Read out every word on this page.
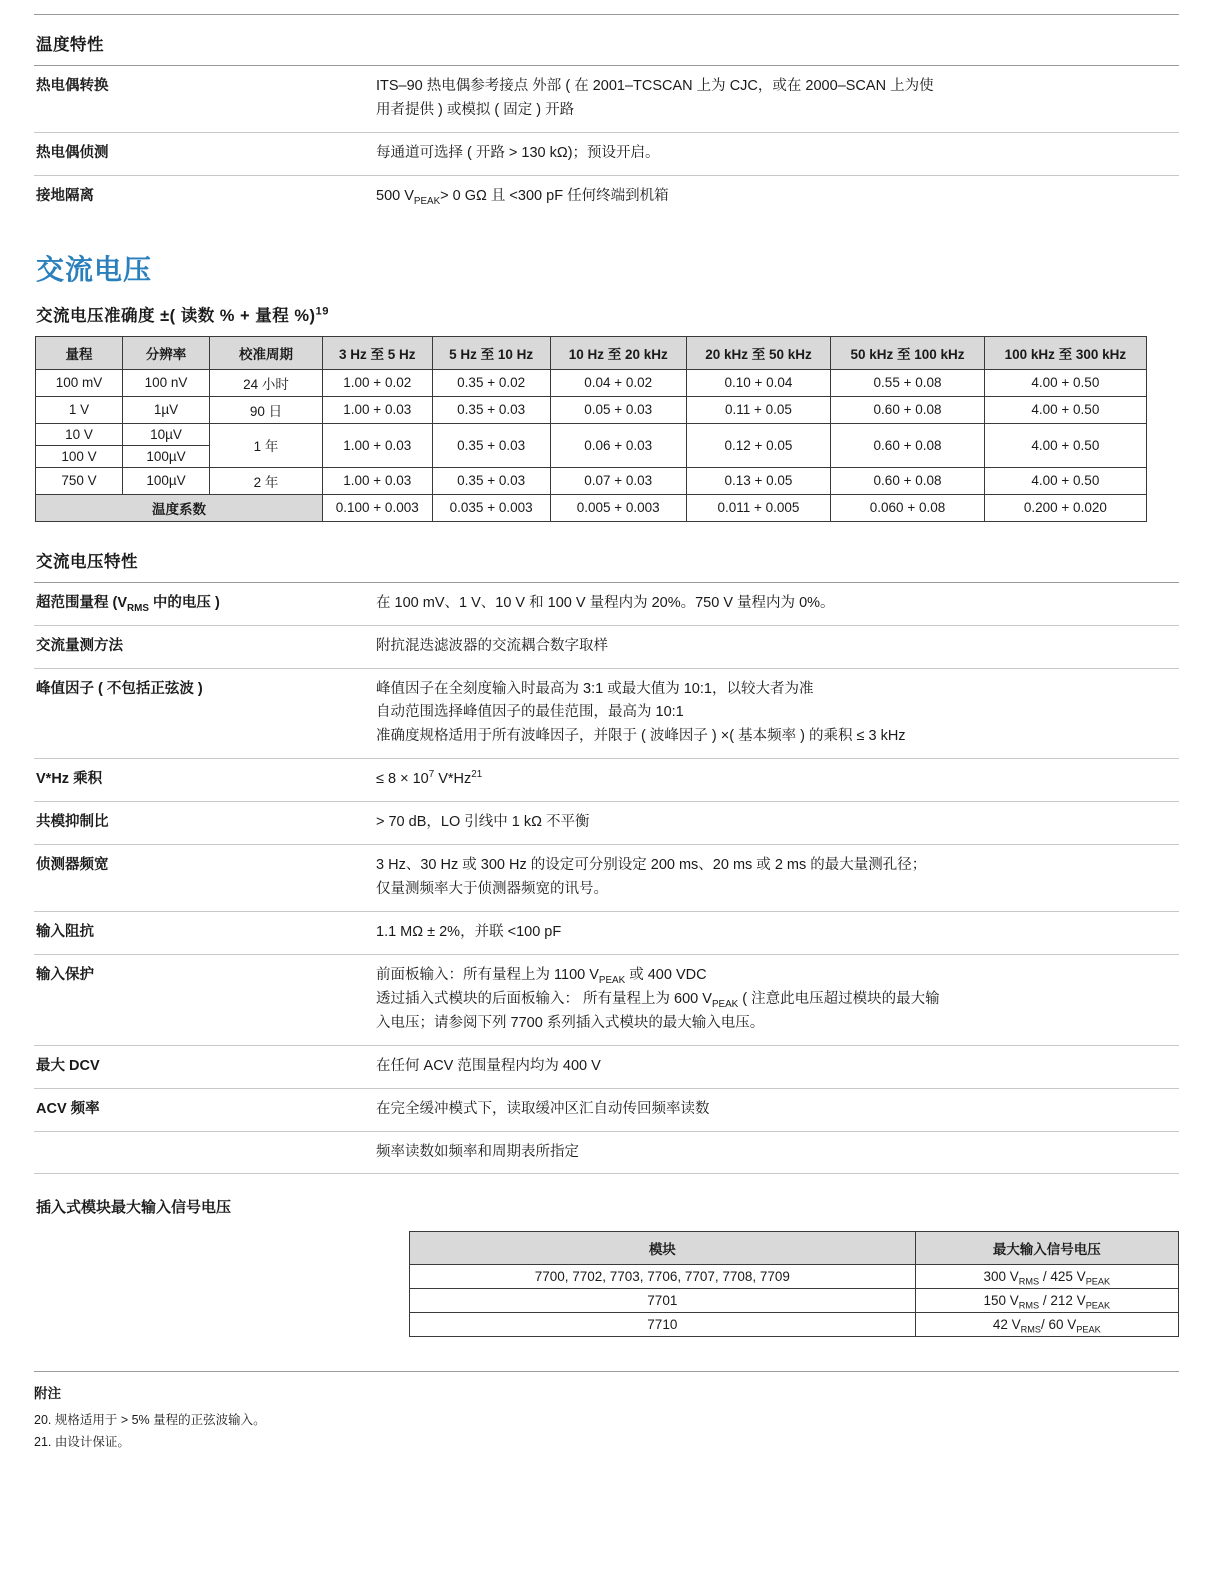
温度特性
热电偶转换	ITS–90 热电偶参考接点 外部 ( 在 2001–TCSCAN 上为 CJC，或在 2000–SCAN 上为使
用者提供 ) 或模拟 ( 固定 ) 开路

热电偶侦测	每通道可选择 ( 开路 > 130 kΩ)；预设开启。
接地隔离	500 $V_{PEAK}> 0$ GΩ 且 <300 pF 任何终端到机箱
交流电压
交流电压准确度 ±( 读数 % + 量程 %)$^{19}$
量程	分辨率	校准周期	3 Hz 至 5 Hz	5 Hz 至 10 Hz	10 Hz 至 20 kHz	20 kHz 至 50 kHz	50 kHz 至 100 kHz	100 kHz 至 300 kHz
100 mV	100 nV	24 小时	1.00 + 0.02	0.35 + 0.02	0.04 + 0.02	0.10 + 0.04	0.55 + 0.08	4.00 + 0.50
1 V	1µV	90 日	1.00 + 0.03	0.35 + 0.03	0.05 + 0.03	0.11 + 0.05	0.60 + 0.08	4.00 + 0.50
10 V	10µV	1 年	1.00 + 0.03	0.35 + 0.03	0.06 + 0.03	0.12 + 0.05	0.60 + 0.08	4.00 + 0.50
100 V	100µV							
750 V	100µV	2 年	1.00 + 0.03	0.35 + 0.03	0.07 + 0.03	0.13 + 0.05	0.60 + 0.08	4.00 + 0.50
温度系数			0.100 + 0.003	0.035 + 0.003	0.005 + 0.003	0.011 + 0.005	0.060 + 0.08	0.200 + 0.020
交流电压特性
超范围量程 ($V_{RMS}$ 中的电压 )	在 100 mV、1 V、10 V 和 100 V 量程内为 20%。750 V 量程内为 0%。
交流量测方法	附抗混迭滤波器的交流耦合数字取样
峰值因子 ( 不包括正弦波 )	峰值因子在全刻度输入时最高为 3:1 或最大值为 10:1，以较大者为准
自动范围选择峰值因子的最佳范围，最高为 10:1
准确度规格适用于所有波峰因子，并限于 ( 波峰因子 ) ×( 基本频率 ) 的乘积 ≤ 3 kHz

V*Hz 乘积	≤ $8 \times 10^7$ V*Hz$^{21}$
共模抑制比	> 70 dB，LO 引线中 1 kΩ 不平衡
侦测器频宽	3 Hz、30 Hz 或 300 Hz 的设定可分别设定 200 ms、20 ms 或 2 ms 的最大量测孔径；
仅量测频率大于侦测器频宽的讯号。

输入阻抗	1.1 MΩ ± 2%，并联 <100 pF
输入保护	前面板输入：所有量程上为 1100 $V_{PEAK}$ 或 400 VDC
透过插入式模块的后面板输入： 所有量程上为 600 $V_{PEAK}$ ( 注意此电压超过模块的最大输
入电压；请参阅下列 7700 系列插入式模块的最大输入电压。

最大 DCV	在任何 ACV 范围量程内均为 400 V
ACV 频率	在完全缓冲模式下，读取缓冲区汇自动传回频率读数
	频率读数如频率和周期表所指定
插入式模块最大输入信号电压
模块	最大输入信号电压
7700, 7702, 7703, 7706, 7707, 7708, 7709	300 $V_{RMS} / 425$ $V_{PEAK}$
7701	150 $V_{RMS} / 212$ $V_{PEAK}$
7710	42 $V_{RMS}/$ 60 $V_{PEAK}$
附注
20. 规格适用于 > 5% 量程的正弦波输入。
21. 由设计保证。
